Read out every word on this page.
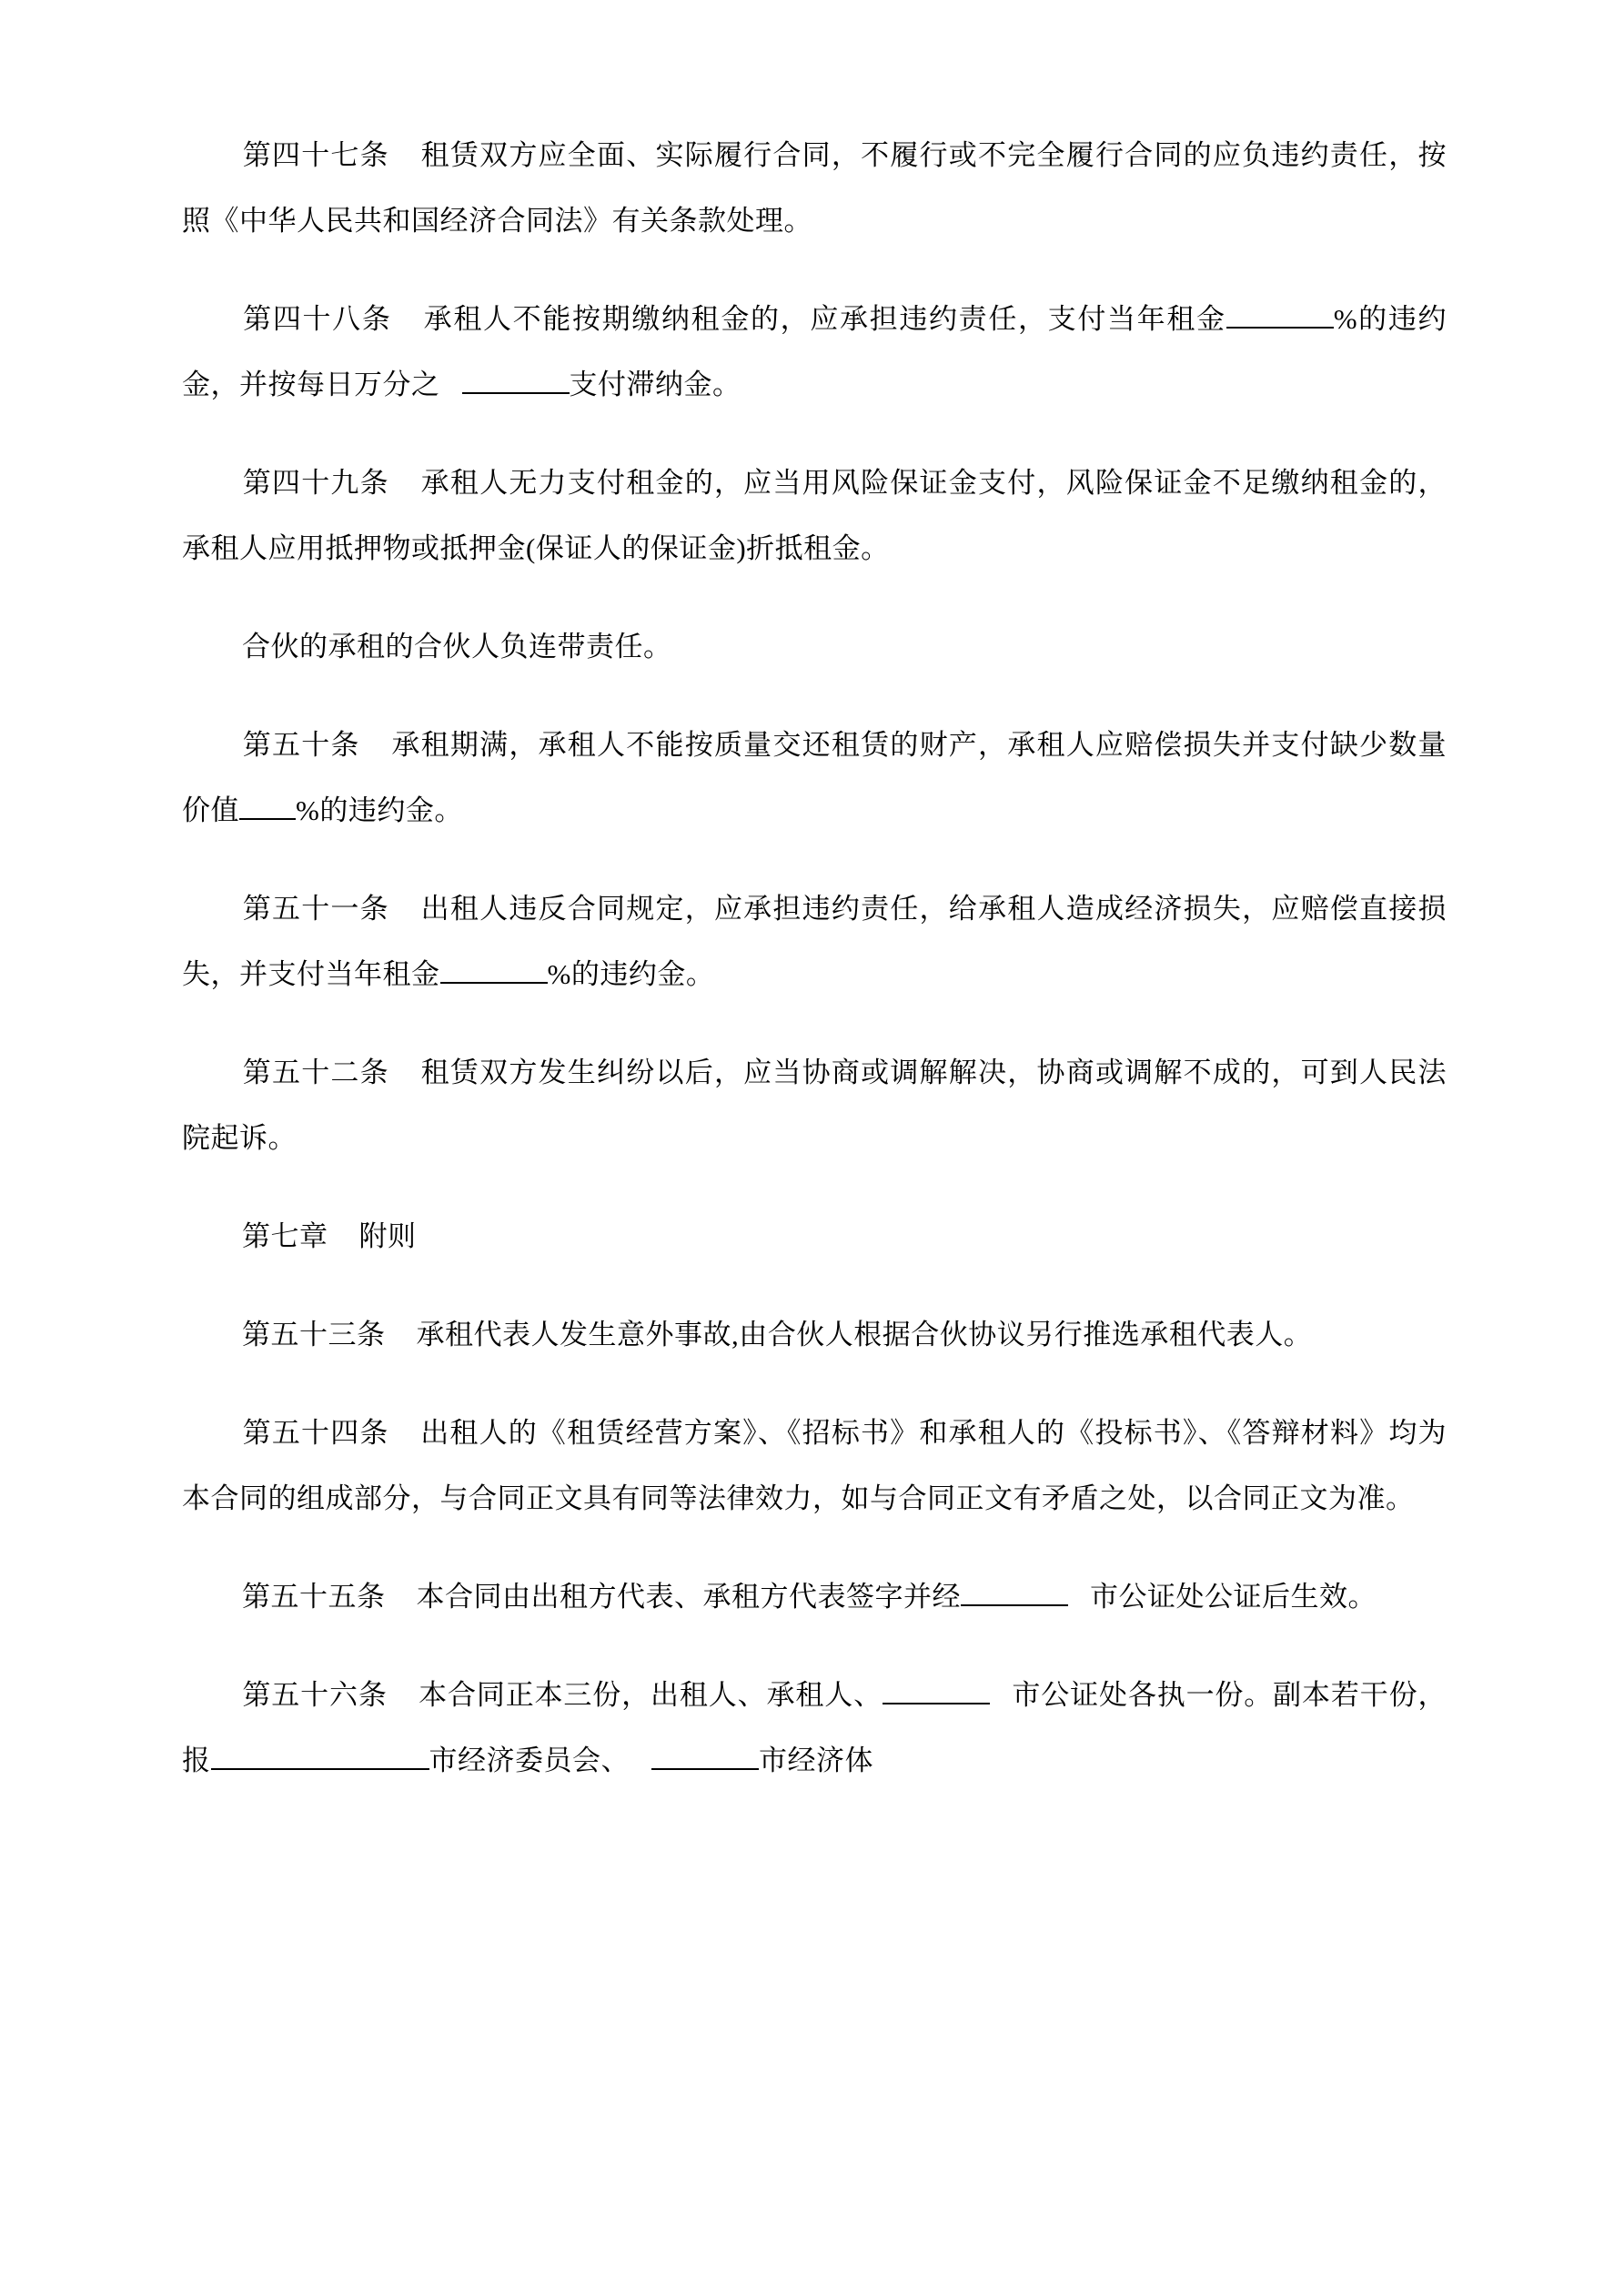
第四十七条 租赁双方应全面、实际履行合同，不履行或不完全履行合同的应负违约责任，按照《中华人民共和国经济合同法》有关条款处理。

第四十八条 承租人不能按期缴纳租金的，应承担违约责任，支付当年租金	%的违约金，并按每日万分之	支付滞纳金。

第四十九条 承租人无力支付租金的，应当用风险保证金支付，风险保证金不足缴纳租金的，承租人应用抵押物或抵押金(保证人的保证金)折抵租金。

合伙的承租的合伙人负连带责任。

第五十条 承租期满，承租人不能按质量交还租赁的财产，承租人应赔偿损失并支付缺少数量价值 %的违约金。

第五十一条 出租人违反合同规定，应承担违约责任，给承租人造成经济损失，应赔偿直接损失，并支付当年租金	%的违约金。

第五十二条 租赁双方发生纠纷以后，应当协商或调解解决，协商或调解不成的，可到人民法院起诉。

第七章 附则

第五十三条 承租代表人发生意外事故,由合伙人根据合伙协议另行推选承租代表人。

第五十四条 出租人的《租赁经营方案》、《招标书》和承租人的《投标书》、《答辩材料》均为本合同的组成部分，与合同正文具有同等法律效力，如与合同正文有矛盾之处，以合同正文为准。

第五十五条 本合同由出租方代表、承租方代表签字并经	市公证处公证后生效。

第五十六条 本合同正本三份，出租人、承租人、	市公证处各执一份。副本若干份，报	市经济委员会、	市经济体
